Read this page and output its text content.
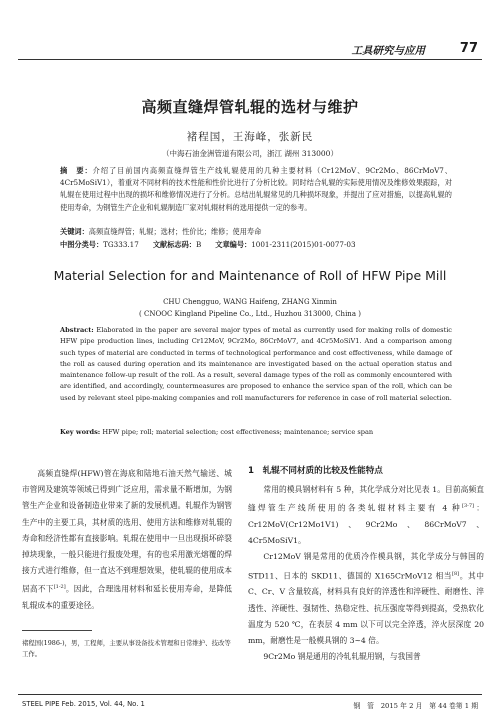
工具研究与应用	77
高频直缝焊管轧辊的选材与维护
褚程国，王海峰，张新民
（中海石油金洲管道有限公司，浙江 湖州 313000）
摘　要：介绍了目前国内高频直缝焊管生产线轧辊使用的几种主要材料（Cr12MoV、9Cr2Mo、86CrMoV7、4Cr5MoSiV1），着重对不同材料的技术性能和性价比进行了分析比较。同时结合轧辊的实际使用情况及维修效果跟踪，对轧辊在使用过程中出现的损坏和维修情况进行了分析。总结出轧辊常见的几种损坏现象，并提出了应对措施，以提高轧辊的使用寿命，为钢管生产企业和轧辊制造厂家对轧辊材料的选用提供一定的参考。
关键词：高频直缝焊管；轧辊；选材；性价比；维修；使用寿命
中图分类号：TG333.17 文献标志码：B 文章编号：1001-2311(2015)01-0077-03
Material Selection for and Maintenance of Roll of HFW Pipe Mill
CHU Chengguo, WANG Haifeng, ZHANG Xinmin
( CNOOC Kingland Pipeline Co., Ltd., Huzhou 313000, China )
Abstract: Elaborated in the paper are several major types of metal as currently used for making rolls of domestic HFW pipe production lines, including Cr12MoV, 9Cr2Mo, 86CrMoV7, and 4Cr5MoSiV1. And a comparison among such types of material are conducted in terms of technological performance and cost effectiveness, while damage of the roll as caused during operation and its maintenance are investigated based on the actual operation status and maintenance follow-up result of the roll. As a result, several damage types of the roll as commonly encountered with are identified, and accordingly, countermeasures are proposed to enhance the service span of the roll, which can be used by relevant steel pipe-making companies and roll manufacturers for reference in case of roll material selection.
Key words: HFW pipe; roll; material selection; cost effectiveness; maintenance; service span
高频直缝焊(HFW)管在海底和陆地石油天然气输送、城市管网及建筑等领域已得到广泛应用，需求量不断增加，为钢管生产企业和设备制造业带来了新的发展机遇。轧辊作为钢管生产中的主要工具，其材质的选用、使用方法和维修对轧辊的寿命和经济性都有直接影响。轧辊在使用中一旦出现损坏碎裂掉块现象，一般只能进行报废处理，有的也采用激光熔覆的焊接方式进行维修，但一直达不到理想效果，使轧辊的使用成本居高不下[1-2]。因此，合理选用材料和延长使用寿命，是降低轧辊成本的重要途径。
褚程国(1986-)，男，工程师，主要从事设备技术管理和日常维护、技改等工作。
1　轧辊不同材质的比较及性能特点

常用的模具钢材料有 5 种，其化学成分对比见表 1。目前高频直缝焊管生产线所使用的各类轧辊材料主要有 4 种[3-7]：Cr12MoV(Cr12Mo1V1)、9Cr2Mo、86CrMoV7、4Cr5MoSiV1。

Cr12MoV 钢是常用的优质冷作模具钢，其化学成分与韩国的 STD11、日本的 SKD11、德国的 X165CrMoV12 相当[8]。其中 C、Cr、V 含量较高，材料具有良好的淬透性和淬硬性、耐磨性、淬透性、淬硬性、强韧性、热稳定性、抗压强度等得到提高，受热软化温度为 520 ℃，在表层 4 mm 以下可以完全淬透，淬火层深度 20 mm，耐磨性是一般模具钢的 3~4 倍。

9Cr2Mo 钢是通用的冷轧轧辊用钢，与我国普

STEEL PIPE Feb. 2015, Vol. 44, No. 1	钢　管　2015 年 2 月　第 44 卷第 1 期
